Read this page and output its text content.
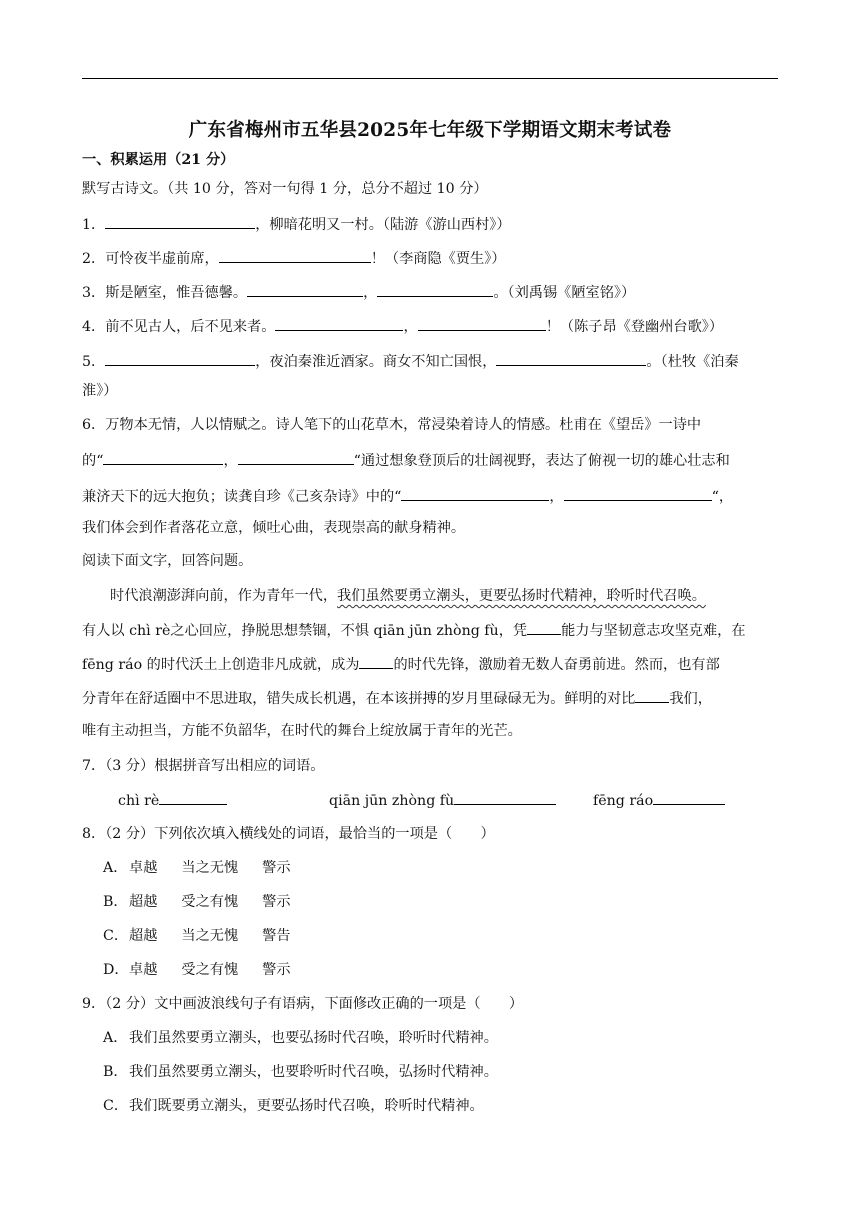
广东省梅州市五华县2025年七年级下学期语文期末考试卷
一、积累运用（21 分）
默写古诗文。（共 10 分，答对一句得 1 分，总分不超过 10 分）
1．	，柳暗花明又一村。（陆游《游山西村》）
2．可怜夜半虚前席，	！（李商隐《贾生》）
3．斯是陋室，惟吾德馨。	，	。（刘禹锡《陋室铭》）
4．前不见古人，后不见来者。	，	！（陈子昂《登幽州台歌》）
5．	，夜泊秦淮近酒家。商女不知亡国恨，	。（杜牧《泊秦
淮》）
6．万物本无情，人以情赋之。诗人笔下的山花草木，常浸染着诗人的情感。杜甫在《望岳》一诗中
的“	，	“通过想象登顶后的壮阔视野，表达了俯视一切的雄心壮志和
兼济天下的远大抱负；读龚自珍《己亥杂诗》中的“	，	“，
我们体会到作者落花立意，倾吐心曲，表现崇高的献身精神。
阅读下面文字，回答问题。
时代浪潮澎湃向前，作为青年一代，我们虽然要勇立潮头，更要弘扬时代精神，聆听时代召唤。
有人以 chì rè之心回应，挣脱思想禁锢，不惧 qiān jūn zhòng fù，凭 能力与坚韧意志攻坚克难，在
fēng ráo 的时代沃土上创造非凡成就，成为 的时代先锋，激励着无数人奋勇前进。然而，也有部
分青年在舒适圈中不思进取，错失成长机遇，在本该拼搏的岁月里碌碌无为。鲜明的对比 我们，
唯有主动担当，方能不负韶华，在时代的舞台上绽放属于青年的光芒。
7．（3 分）根据拼音写出相应的词语。
chì rè	qiān jūn zhòng fù	fēng ráo
8．（2 分）下列依次填入横线处的词语，最恰当的一项是（　　）
A． 卓越 当之无愧 警示
B．超越 受之有愧 警示
C．超越 当之无愧 警告
D．卓越 受之有愧 警示
9．（2 分）文中画波浪线句子有语病，下面修改正确的一项是（　　）
A． 我们虽然要勇立潮头，也要弘扬时代召唤，聆听时代精神。
B．我们虽然要勇立潮头，也要聆听时代召唤，弘扬时代精神。
C．我们既要勇立潮头，更要弘扬时代召唤，聆听时代精神。
